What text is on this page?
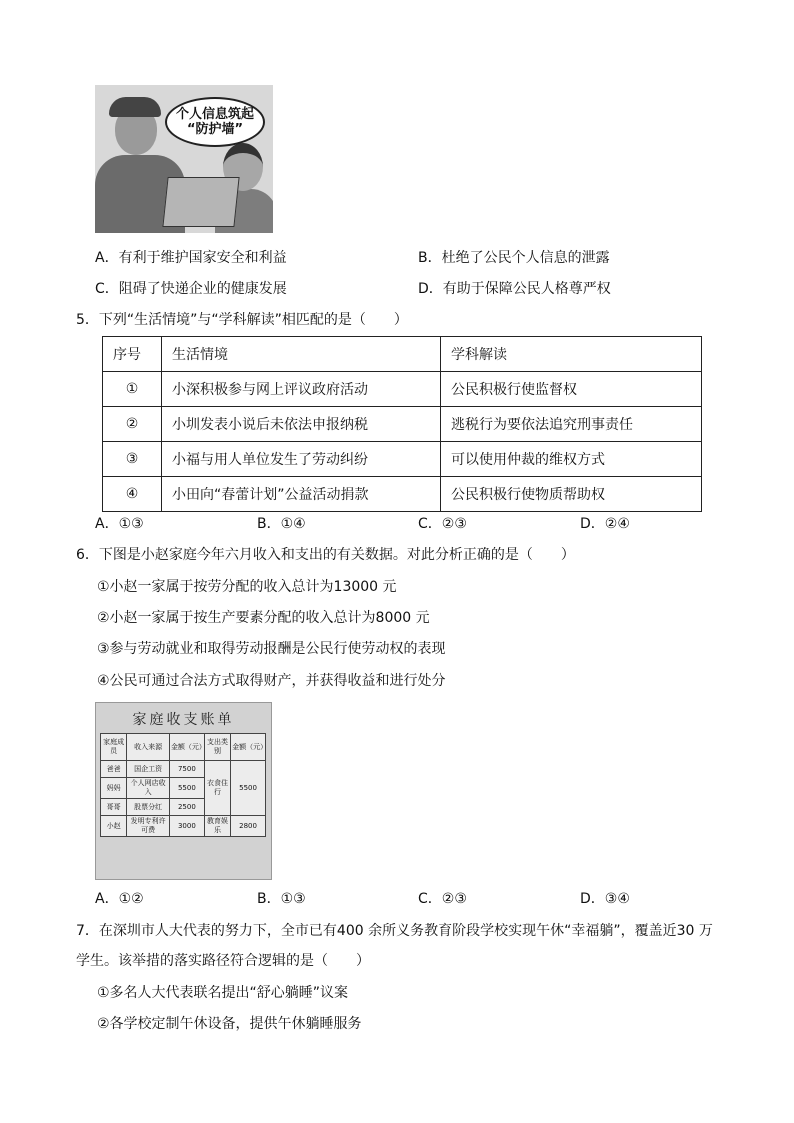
个人信息筑起
“防护墙”
A．有利于维护国家安全和利益	B．杜绝了公民个人信息的泄露
C．阻碍了快递企业的健康发展	D．有助于保障公民人格尊严权
5．下列“生活情境”与“学科解读”相匹配的是（　　）
序号	生活情境	学科解读
①	小深积极参与网上评议政府活动	公民积极行使监督权
②	小圳发表小说后未依法申报纳税	逃税行为要依法追究刑事责任
③	小福与用人单位发生了劳动纠纷	可以使用仲裁的维权方式
④	小田向“春蕾计划”公益活动捐款	公民积极行使物质帮助权
A．①③	B．①④	C．②③	D．②④
6．下图是小赵家庭今年六月收入和支出的有关数据。对此分析正确的是（　　）
①小赵一家属于按劳分配的收入总计为13000 元
②小赵一家属于按生产要素分配的收入总计为8000 元
③参与劳动就业和取得劳动报酬是公民行使劳动权的表现
④公民可通过合法方式取得财产，并获得收益和进行处分
家庭收支账单
家庭成员	收入来源	金额（元）	支出类别	金额（元）
爸爸	国企工资	7500	衣食住行	5500
妈妈	个人网店收入	5500		
哥哥	股票分红	2500		
小赵	发明专利许可费	3000	教育娱乐	2800
A．①②	B．①③	C．②③	D．③④
7．在深圳市人大代表的努力下，全市已有400 余所义务教育阶段学校实现午休“幸福躺”，覆盖近30 万
学生。该举措的落实路径符合逻辑的是（　　）
①多名人大代表联名提出“舒心躺睡”议案
②各学校定制午休设备，提供午休躺睡服务
